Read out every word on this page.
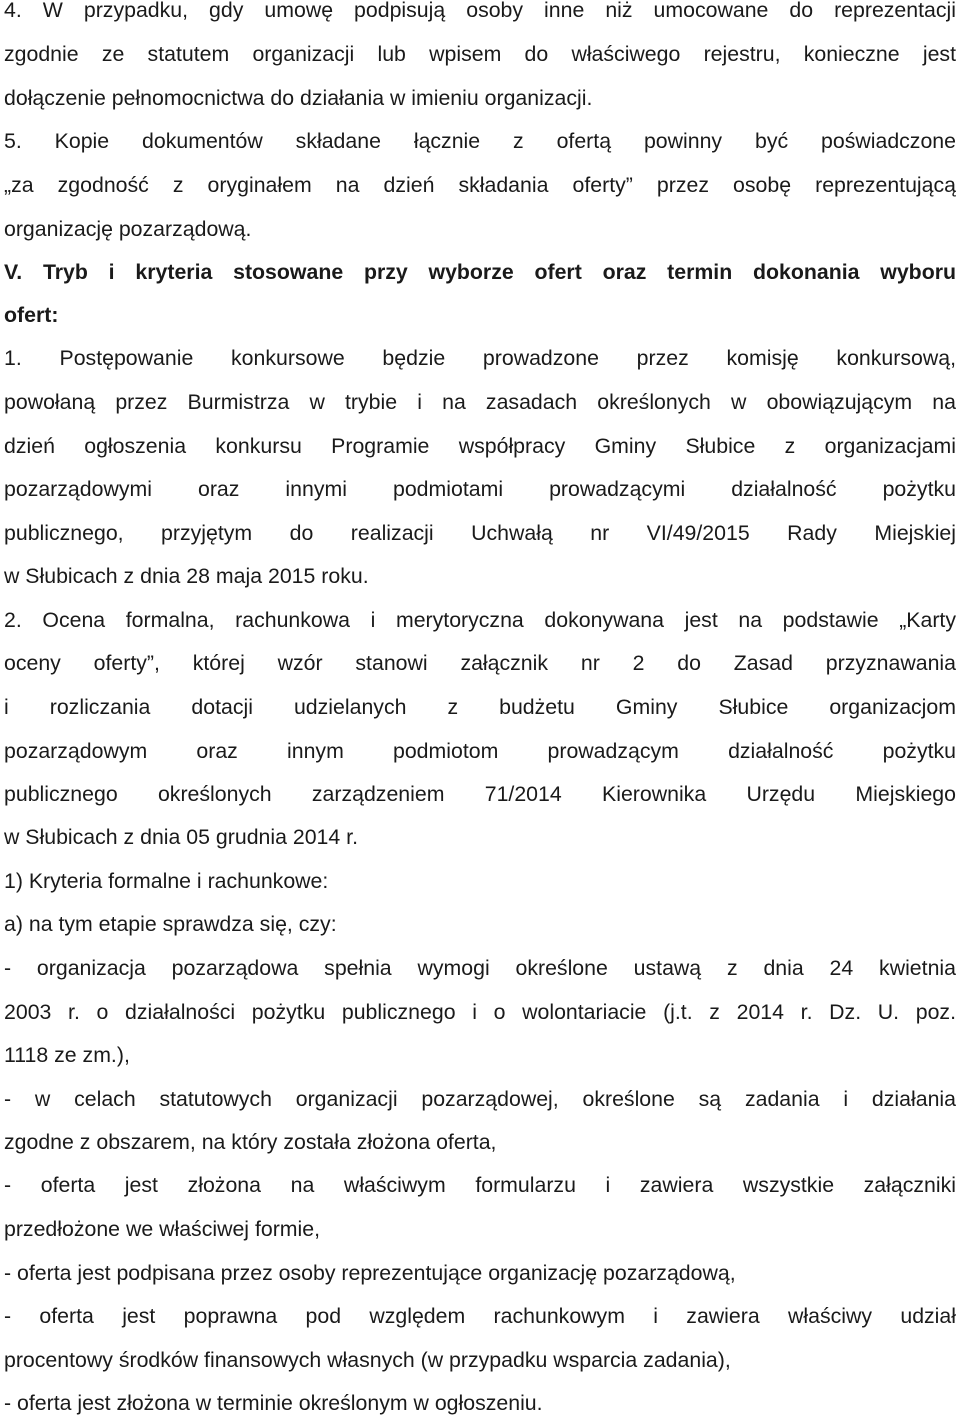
4. W przypadku, gdy umowę podpisują osoby inne niż umocowane do reprezentacji
zgodnie ze statutem organizacji lub wpisem do właściwego rejestru, konieczne jest
dołączenie pełnomocnictwa do działania w imieniu organizacji.
5. Kopie dokumentów składane łącznie z ofertą powinny być poświadczone
„za zgodność z oryginałem na dzień składania oferty” przez osobę reprezentującą
organizację pozarządową.
V. Tryb i kryteria stosowane przy wyborze ofert oraz termin dokonania wyboru
ofert:
1. Postępowanie konkursowe będzie prowadzone przez komisję konkursową,
powołaną przez Burmistrza w trybie i na zasadach określonych w obowiązującym na
dzień ogłoszenia konkursu Programie współpracy Gminy Słubice z organizacjami
pozarządowymi oraz innymi podmiotami prowadzącymi działalność pożytku
publicznego, przyjętym do realizacji Uchwałą nr VI/49/2015 Rady Miejskiej
w Słubicach z dnia 28 maja 2015 roku.
2. Ocena formalna, rachunkowa i merytoryczna dokonywana jest na podstawie „Karty
oceny oferty”, której wzór stanowi załącznik nr 2 do Zasad przyznawania
i rozliczania dotacji udzielanych z budżetu Gminy Słubice organizacjom
pozarządowym oraz innym podmiotom prowadzącym działalność pożytku
publicznego określonych zarządzeniem 71/2014 Kierownika Urzędu Miejskiego
w Słubicach z dnia 05 grudnia 2014 r.
1) Kryteria formalne i rachunkowe:
a) na tym etapie sprawdza się, czy:
- organizacja pozarządowa spełnia wymogi określone ustawą z dnia 24 kwietnia
2003 r. o działalności pożytku publicznego i o wolontariacie (j.t. z 2014 r. Dz. U. poz.
1118 ze zm.),
- w celach statutowych organizacji pozarządowej, określone są zadania i działania
zgodne z obszarem, na który została złożona oferta,
- oferta jest złożona na właściwym formularzu i zawiera wszystkie załączniki
przedłożone we właściwej formie,
- oferta jest podpisana przez osoby reprezentujące organizację pozarządową,
- oferta jest poprawna pod względem rachunkowym i zawiera właściwy udział
procentowy środków finansowych własnych (w przypadku wsparcia zadania),
- oferta jest złożona w terminie określonym w ogłoszeniu.
